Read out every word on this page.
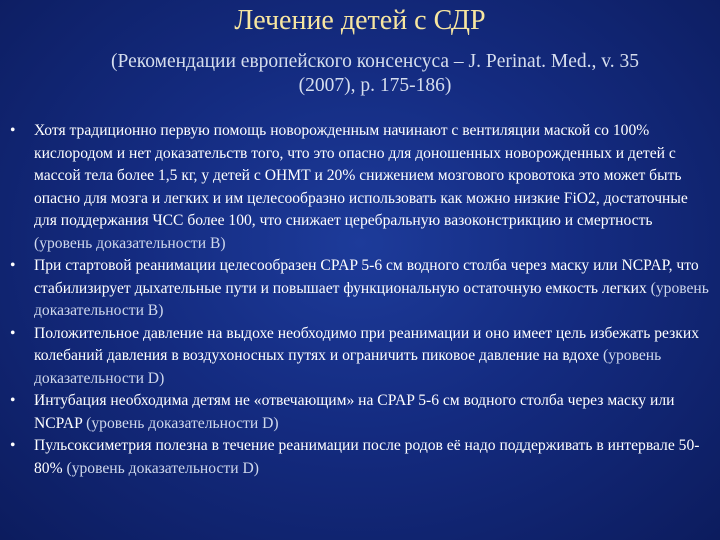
Лечение детей с СДР
(Рекомендации европейского консенсуса – J. Perinat. Med., v. 35
(2007), p. 175-186)
• Хотя традиционно первую помощь новорожденным начинают с вентиляции маской со 100% кислородом и нет доказательств того, что это опасно для доношенных новорожденных и детей с массой тела более 1,5 кг, у детей с ОНМТ и 20% снижением мозгового кровотока это может быть опасно для мозга и легких и им целесообразно использовать как можно низкие FiO2, достаточные для поддержания ЧСС более 100, что снижает церебральную вазоконстрикцию и смертность (уровень доказательности B)
• При стартовой реанимации целесообразен CPAP 5-6 см водного столба через маску или NCPAP, что стабилизирует дыхательные пути и повышает функциональную остаточную емкость легких (уровень доказательности B)
• Положительное давление на выдохе необходимо при реанимации и оно имеет цель избежать резких колебаний давления в воздухоносных путях и ограничить пиковое давление на вдохе (уровень доказательности D)
• Интубация необходима детям не «отвечающим» на CPAP 5-6 см водного столба через маску или NCPAP (уровень доказательности D)
• Пульсоксиметрия полезна в течение реанимации после родов её надо поддерживать в интервале 50-80% (уровень доказательности D)
